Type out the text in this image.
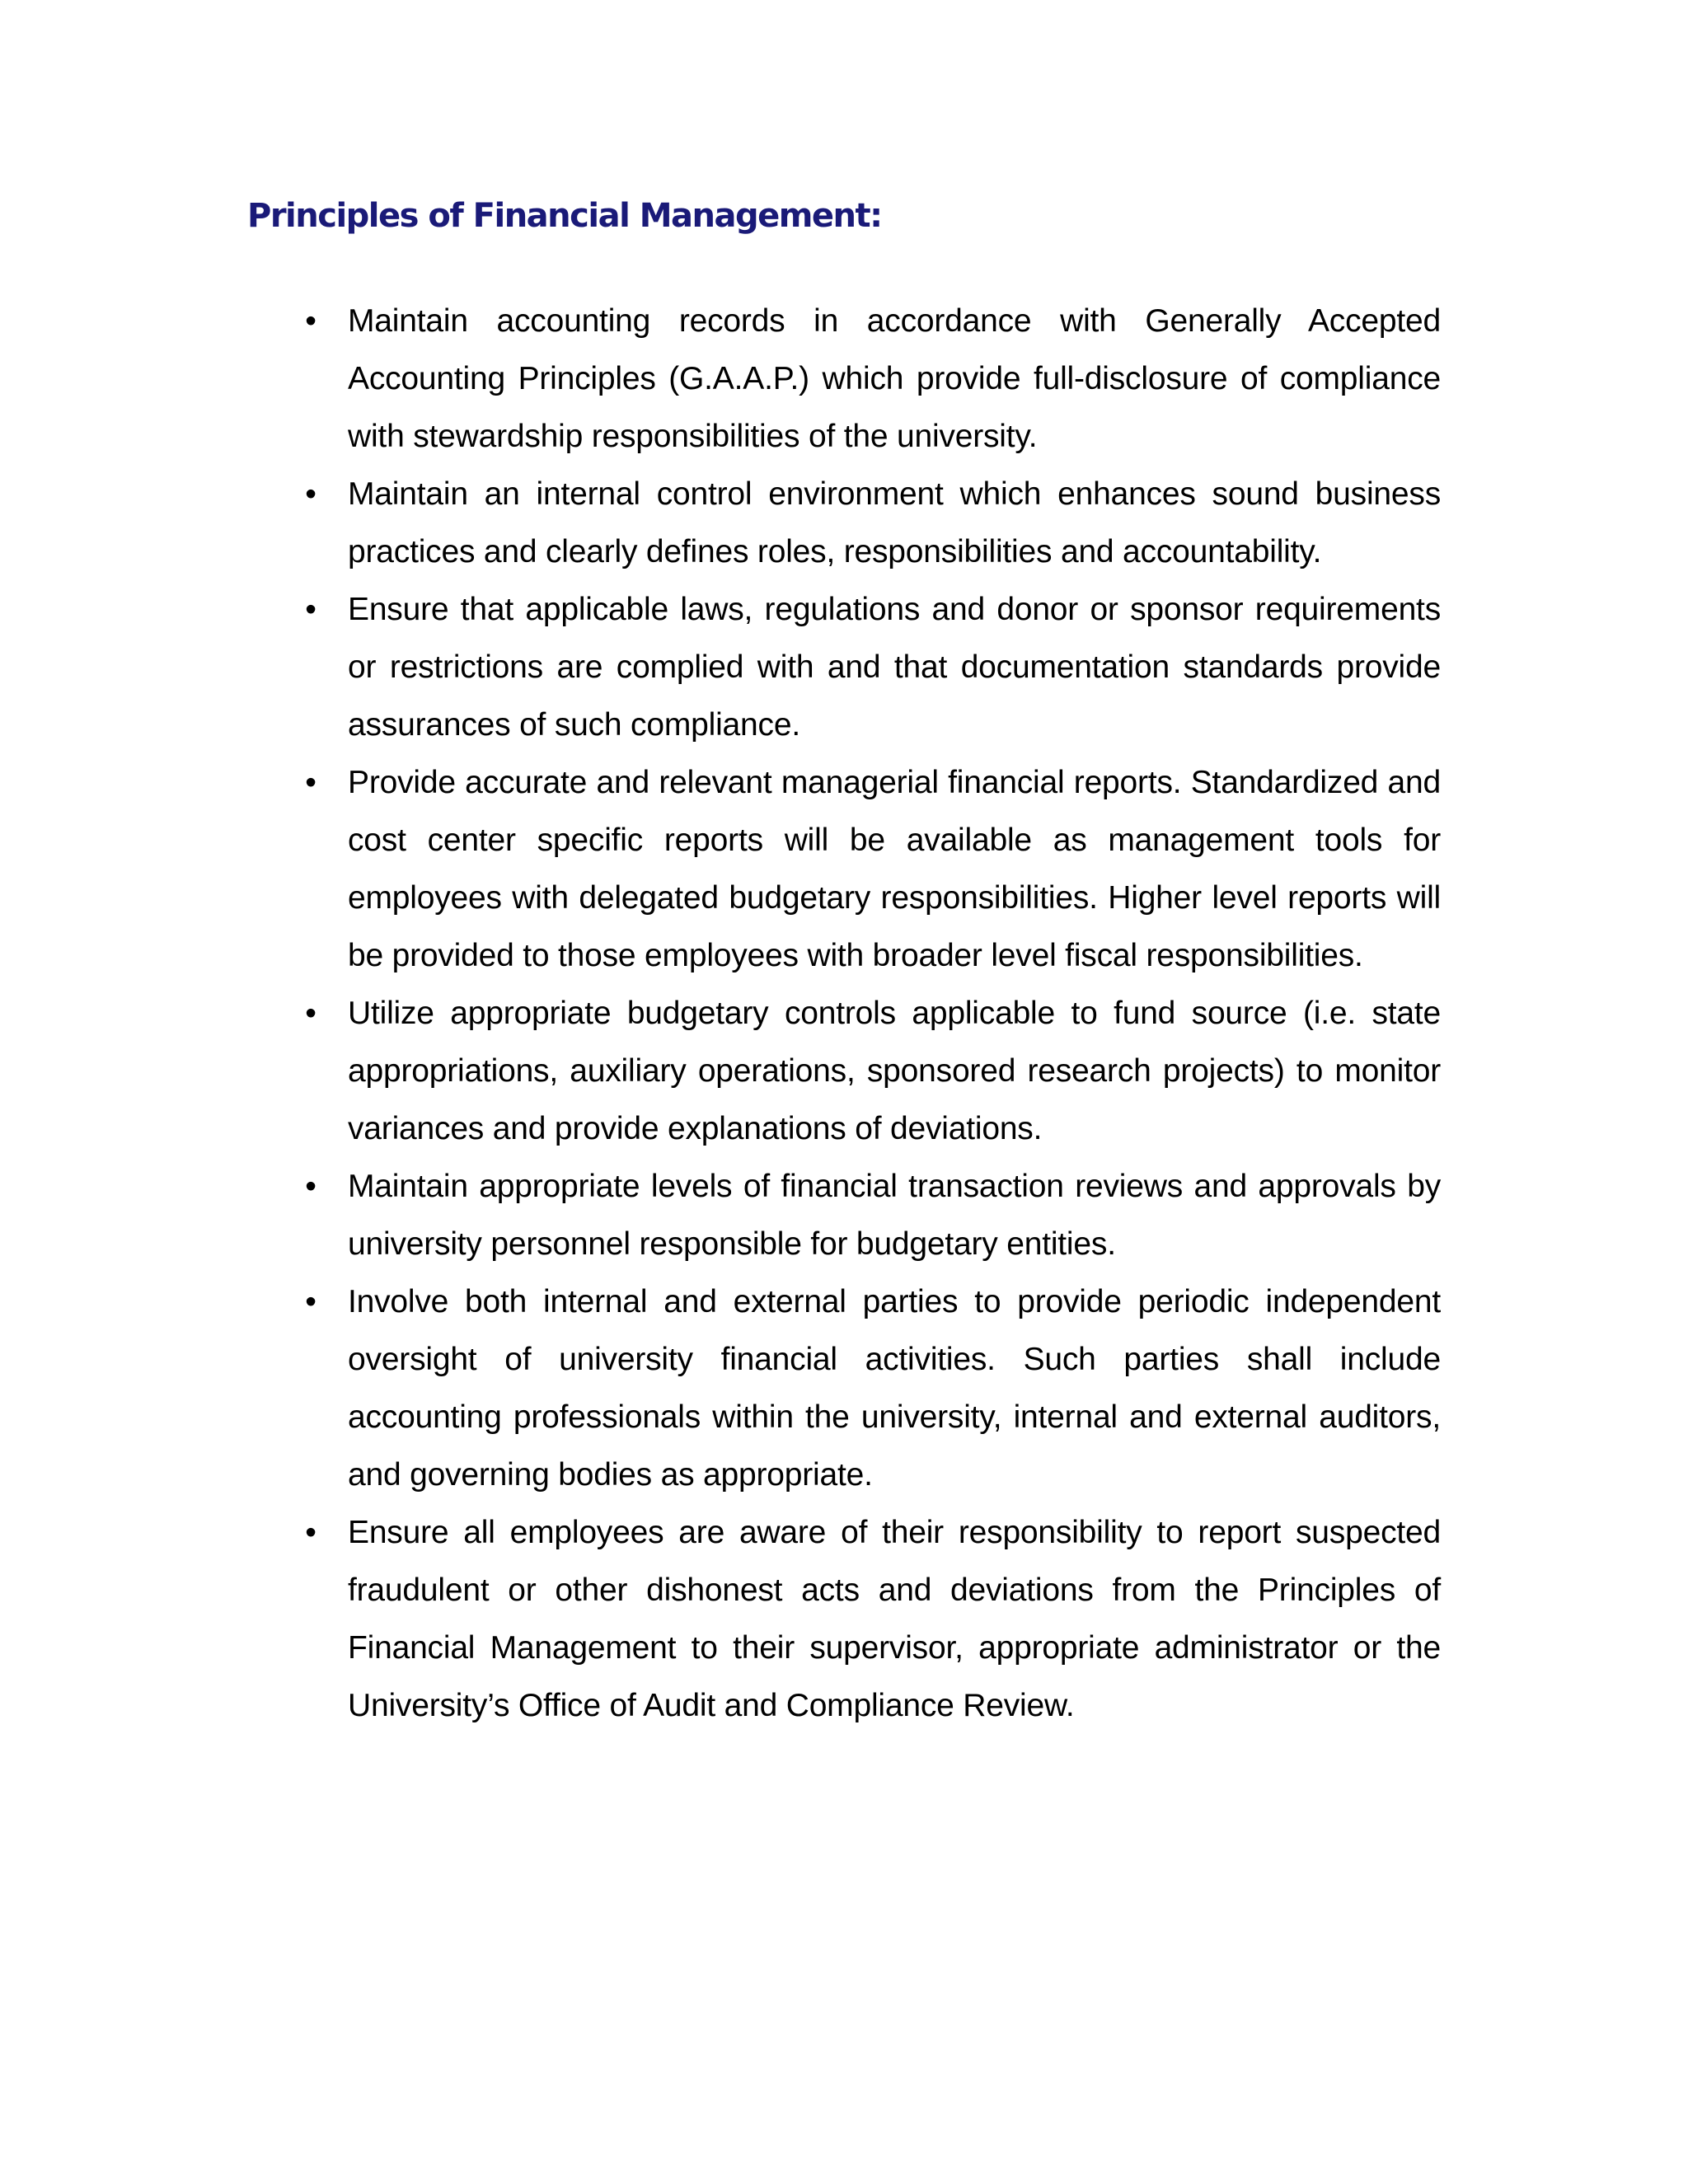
Principles of Financial Management:
• Maintain accounting records in accordance with Generally Accepted Accounting Principles (G.A.A.P.) which provide full-disclosure of compliance with stewardship responsibilities of the university.
• Maintain an internal control environment which enhances sound business practices and clearly defines roles, responsibilities and accountability.
• Ensure that applicable laws, regulations and donor or sponsor requirements or restrictions are complied with and that documentation standards provide assurances of such compliance.
• Provide accurate and relevant managerial financial reports. Standardized and cost center specific reports will be available as management tools for employees with delegated budgetary responsibilities. Higher level reports will be provided to those employees with broader level fiscal responsibilities.
• Utilize appropriate budgetary controls applicable to fund source (i.e. state appropriations, auxiliary operations, sponsored research projects) to monitor variances and provide explanations of deviations.
• Maintain appropriate levels of financial transaction reviews and approvals by university personnel responsible for budgetary entities.
• Involve both internal and external parties to provide periodic independent oversight of university financial activities. Such parties shall include accounting professionals within the university, internal and external auditors, and governing bodies as appropriate.
• Ensure all employees are aware of their responsibility to report suspected fraudulent or other dishonest acts and deviations from the Principles of Financial Management to their supervisor, appropriate administrator or the University’s Office of Audit and Compliance Review.
